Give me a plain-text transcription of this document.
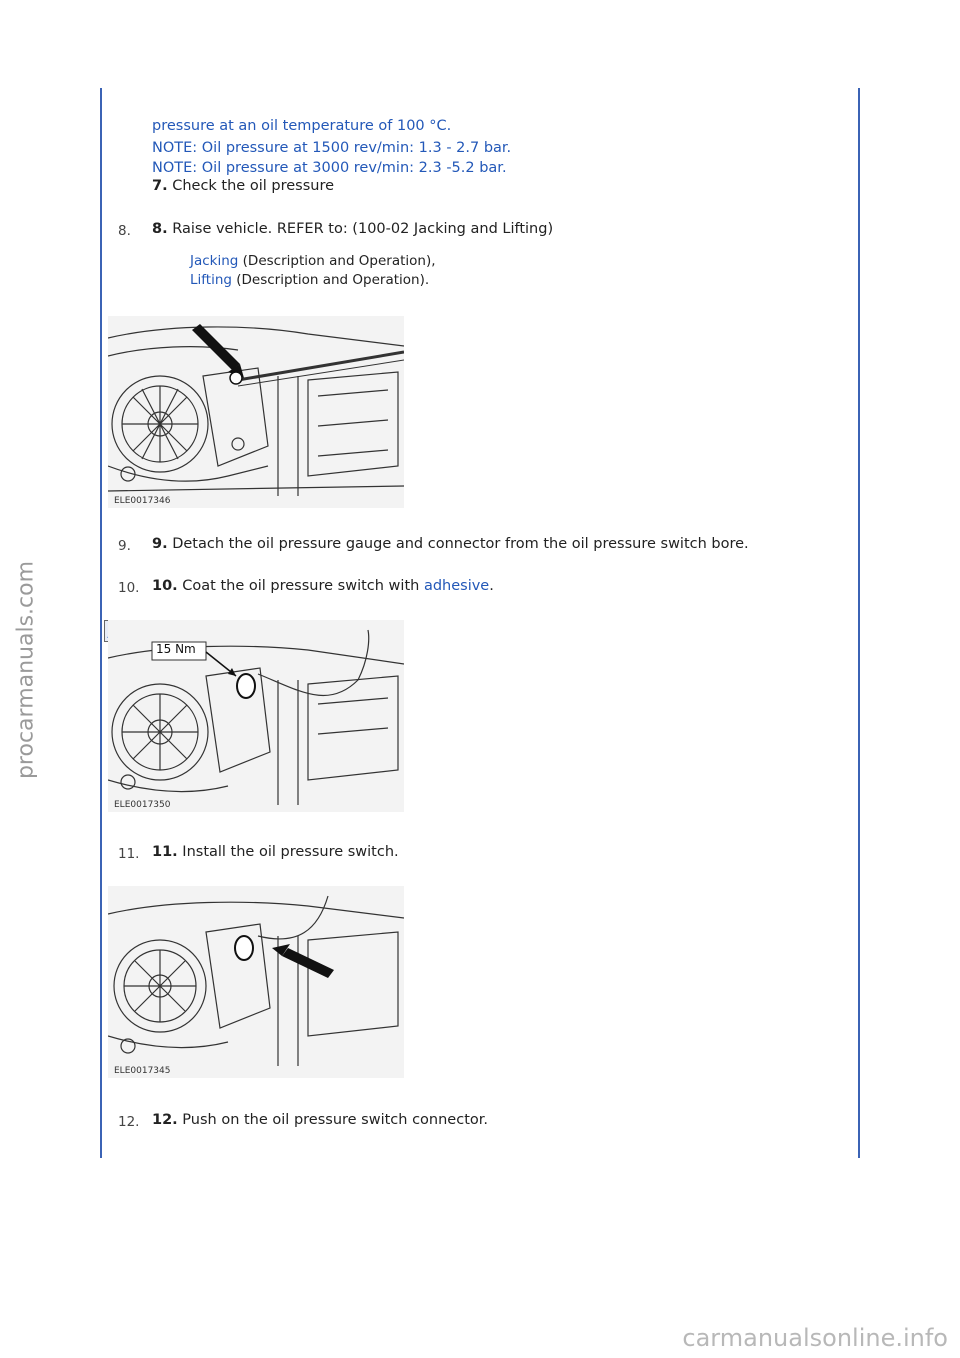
pressure at an oil temperature of 100 °C.
NOTE: Oil pressure at 1500 rev/min: 1.3 - 2.7 bar.
NOTE: Oil pressure at 3000 rev/min: 2.3 -5.2 bar.
7. Check the oil pressure
8. 8. Raise vehicle. REFER to: (100-02 Jacking and Lifting)
Jacking (Description and Operation),
Lifting (Description and Operation).
ELE0017346
9. 9. Detach the oil pressure gauge and connector from the oil pressure switch bore.
10. 10. Coat the oil pressure switch with adhesive.
15 Nm
ELE0017350
11. 11. Install the oil pressure switch.
ELE0017345
12. 12. Push on the oil pressure switch connector.
procarmanuals.com
carmanualsonline.info
